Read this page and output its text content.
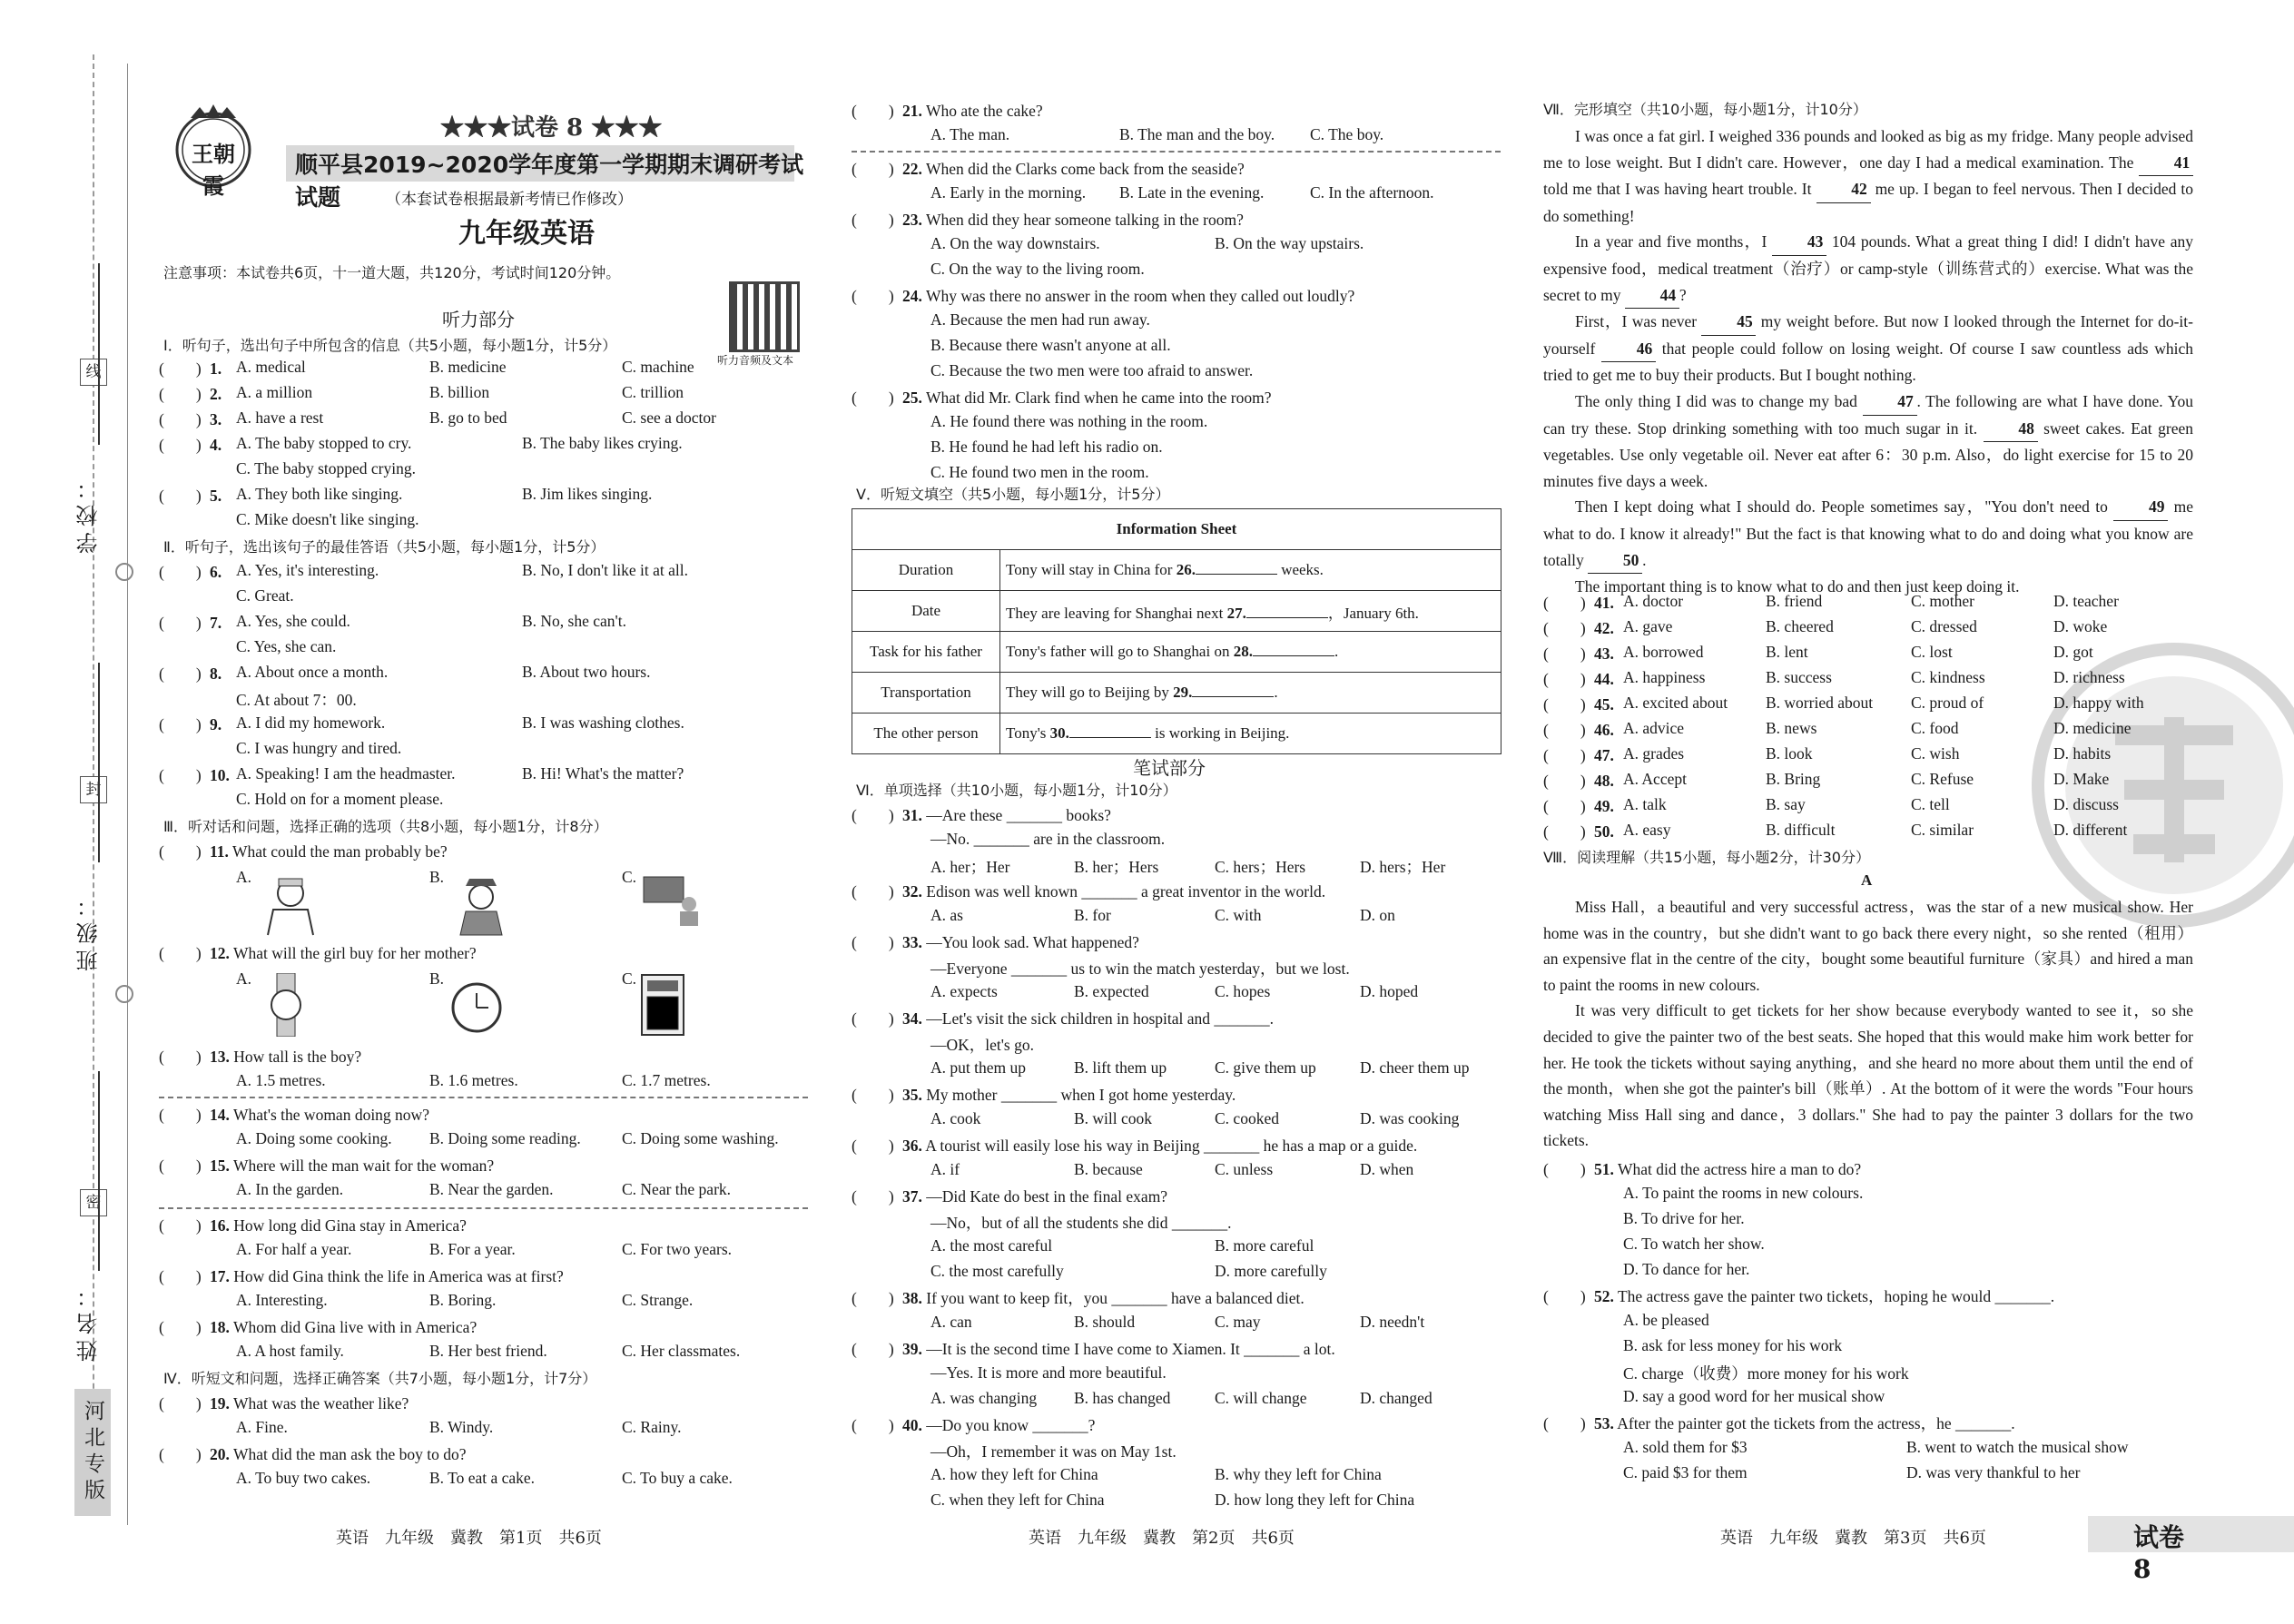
线
封
密
学校：
班级：
姓名：
河北专版
王朝霞
★★★试卷 8 ★★★
顺平县2019~2020学年度第一学期期末调研考试试题	（本套试卷根据最新考情已作修改）
九年级英语
注意事项：本试卷共6页，十一道大题，共120分，考试时间120分钟。
听力音频及文本
听力部分
Ⅰ．听句子，选出句子中所包含的信息（共5小题，每小题1分，计5分）
(　　) 1. A. medical	B. medicine	C. machine
(　　) 2. A. a million	B. billion	C. trillion
(　　) 3. A. have a rest	B. go to bed	C. see a doctor
(　　) 4. A. The baby stopped to cry.	B. The baby likes crying.
C. The baby stopped crying.
(　　) 5. A. They both like singing.	B. Jim likes singing.
C. Mike doesn't like singing.
Ⅱ．听句子，选出该句子的最佳答语（共5小题，每小题1分，计5分）
(　　) 6. A. Yes, it's interesting.	B. No, I don't like it at all.
C. Great.
(　　) 7. A. Yes, she could.	B. No, she can't.
C. Yes, she can.
(　　) 8. A. About once a month.	B. About two hours.
C. At about 7：00.
(　　) 9. A. I did my homework.	B. I was washing clothes.
C. I was hungry and tired.
(　　) 10. A. Speaking! I am the headmaster.	B. Hi! What's the matter?
C. Hold on for a moment please.
Ⅲ．听对话和问题，选择正确的选项（共8小题，每小题1分，计8分）
(　　) 11. What could the man probably be?
A.	B.	C.
(　　) 12. What will the girl buy for her mother?
A.	B.	C.
(　　) 13. How tall is the boy?
A. 1.5 metres.	B. 1.6 metres.	C. 1.7 metres.
(　　) 14. What's the woman doing now?
A. Doing some cooking. B. Doing some reading.	C. Doing some washing.
(　　) 15. Where will the man wait for the woman?
A. In the garden.	B. Near the garden.	C. Near the park.
(　　) 16. How long did Gina stay in America?
A. For half a year.	B. For a year.	C. For two years.
(　　) 17. How did Gina think the life in America was at first?
A. Interesting.	B. Boring.	C. Strange.
(　　) 18. Whom did Gina live with in America?
A. A host family.	B. Her best friend.	C. Her classmates.
Ⅳ．听短文和问题，选择正确答案（共7小题，每小题1分，计7分）
(　　) 19. What was the weather like?
A. Fine.	B. Windy.	C. Rainy.
(　　) 20. What did the man ask the boy to do?
A. To buy two cakes.	B. To eat a cake.	C. To buy a cake.
英语　九年级　冀教　第1页　共6页
(　　) 21. Who ate the cake?
A. The man.	B. The man and the boy. C. The boy.
(　　) 22. When did the Clarks come back from the seaside?
A. Early in the morning. B. Late in the evening.	C. In the afternoon.
(　　) 23. When did they hear someone talking in the room?
A. On the way downstairs.	B. On the way upstairs.
C. On the way to the living room.
(　　) 24. Why was there no answer in the room when they called out loudly?
A. Because the men had run away.
B. Because there wasn't anyone at all.
C. Because the two men were too afraid to answer.
(　　) 25. What did Mr. Clark find when he came into the room?
A. He found there was nothing in the room.
B. He found he had left his radio on.
C. He found two men in the room.
Ⅴ．听短文填空（共5小题，每小题1分，计5分）
Information Sheet	
Duration	Tony will stay in China for 26. weeks.
Date	They are leaving for Shanghai next 27. ，January 6th.
Task for his father	Tony's father will go to Shanghai on 28. .
Transportation	They will go to Beijing by 29. .
The other person	Tony's 30. is working in Beijing.
笔试部分
Ⅵ．单项选择（共10小题，每小题1分，计10分）
(　　) 31. —Are these _______ books?
—No. _______ are in the classroom.
A. her；Her	B. her；Hers	C. hers；Hers	D. hers；Her
(　　) 32. Edison was well known _______ a great inventor in the world.
A. as	B. for	C. with	D. on
(　　) 33. —You look sad. What happened?
—Everyone _______ us to win the match yesterday，but we lost.
A. expects	B. expected	C. hopes	D. hoped
(　　) 34. —Let's visit the sick children in hospital and _______.
—OK，let's go.
A. put them up	B. lift them up	C. give them up	D. cheer them up
(　　) 35. My mother _______ when I got home yesterday.
A. cook	B. will cook	C. cooked	D. was cooking
(　　) 36. A tourist will easily lose his way in Beijing _______ he has a map or a guide.
A. if	B. because	C. unless	D. when
(　　) 37. —Did Kate do best in the final exam?
—No，but of all the students she did _______.
A. the most careful	B. more careful
C. the most carefully	D. more carefully
(　　) 38. If you want to keep fit，you _______ have a balanced diet.
A. can	B. should	C. may	D. needn't
(　　) 39. —It is the second time I have come to Xiamen. It _______ a lot.
—Yes. It is more and more beautiful.
A. was changing B. has changed	C. will change	D. changed
(　　) 40. —Do you know _______?
—Oh，I remember it was on May 1st.
A. how they left for China	B. why they left for China
C. when they left for China	D. how long they left for China
英语　九年级　冀教　第2页　共6页
Ⅶ．完形填空（共10小题，每小题1分，计10分）
I was once a fat girl. I weighed 336 pounds and looked as big as my fridge. Many people advised me to lose weight. But I didn't care. However，one day I had a medical examination. The 41 told me that I was having heart trouble. It 42 me up. I began to feel nervous. Then I decided to do something!
In a year and five months，I 43 104 pounds. What a great thing I did! I didn't have any expensive food，medical treatment（治疗）or camp-style（训练营式的）exercise. What was the secret to my 44 ?
First，I was never 45 my weight before. But now I looked through the Internet for do-it-yourself 46 that people could follow on losing weight. Of course I saw countless ads which tried to get me to buy their products. But I bought nothing.
The only thing I did was to change my bad 47 . The following are what I have done. You can try these. Stop drinking something with too much sugar in it. 48 sweet cakes. Eat green vegetables. Use only vegetable oil. Never eat after 6：30 p.m. Also，do light exercise for 15 to 20 minutes five days a week.
Then I kept doing what I should do. People sometimes say，"You don't need to 49 me what to do. I know it already!" But the fact is that knowing what to do and doing what you know are totally 50 .
The important thing is to know what to do and then just keep doing it.
(　　) 41. A. doctor	B. friend	C. mother	D. teacher
(　　) 42. A. gave	B. cheered	C. dressed	D. woke
(　　) 43. A. borrowed	B. lent	C. lost	D. got
(　　) 44. A. happiness	B. success	C. kindness	D. richness
(　　) 45. A. excited about B. worried about C. proud of	D. happy with
(　　) 46. A. advice	B. news	C. food	D. medicine
(　　) 47. A. grades	B. look	C. wish	D. habits
(　　) 48. A. Accept	B. Bring	C. Refuse	D. Make
(　　) 49. A. talk	B. say	C. tell	D. discuss
(　　) 50. A. easy	B. difficult	C. similar	D. different
Ⅷ．阅读理解（共15小题，每小题2分，计30分）
A
Miss Hall，a beautiful and very successful actress，was the star of a new musical show. Her home was in the country，but she didn't want to go back there every night，so she rented（租用）an expensive flat in the centre of the city，bought some beautiful furniture（家具）and hired a man to paint the rooms in new colours.
It was very difficult to get tickets for her show because everybody wanted to see it，so she decided to give the painter two of the best seats. She hoped that this would make him work better for her. He took the tickets without saying anything，and she heard no more about them until the end of the month，when she got the painter's bill（账单）. At the bottom of it were the words "Four hours watching Miss Hall sing and dance，3 dollars." She had to pay the painter 3 dollars for the two tickets.
(　　) 51. What did the actress hire a man to do?
A. To paint the rooms in new colours.
B. To drive for her.
C. To watch her show.
D. To dance for her.
(　　) 52. The actress gave the painter two tickets，hoping he would _______.
A. be pleased
B. ask for less money for his work
C. charge（收费）more money for his work
D. say a good word for her musical show
(　　) 53. After the painter got the tickets from the actress，he _______.
A. sold them for $3	B. went to watch the musical show
C. paid $3 for them	D. was very thankful to her
英语　九年级　冀教　第3页　共6页	试卷 8
